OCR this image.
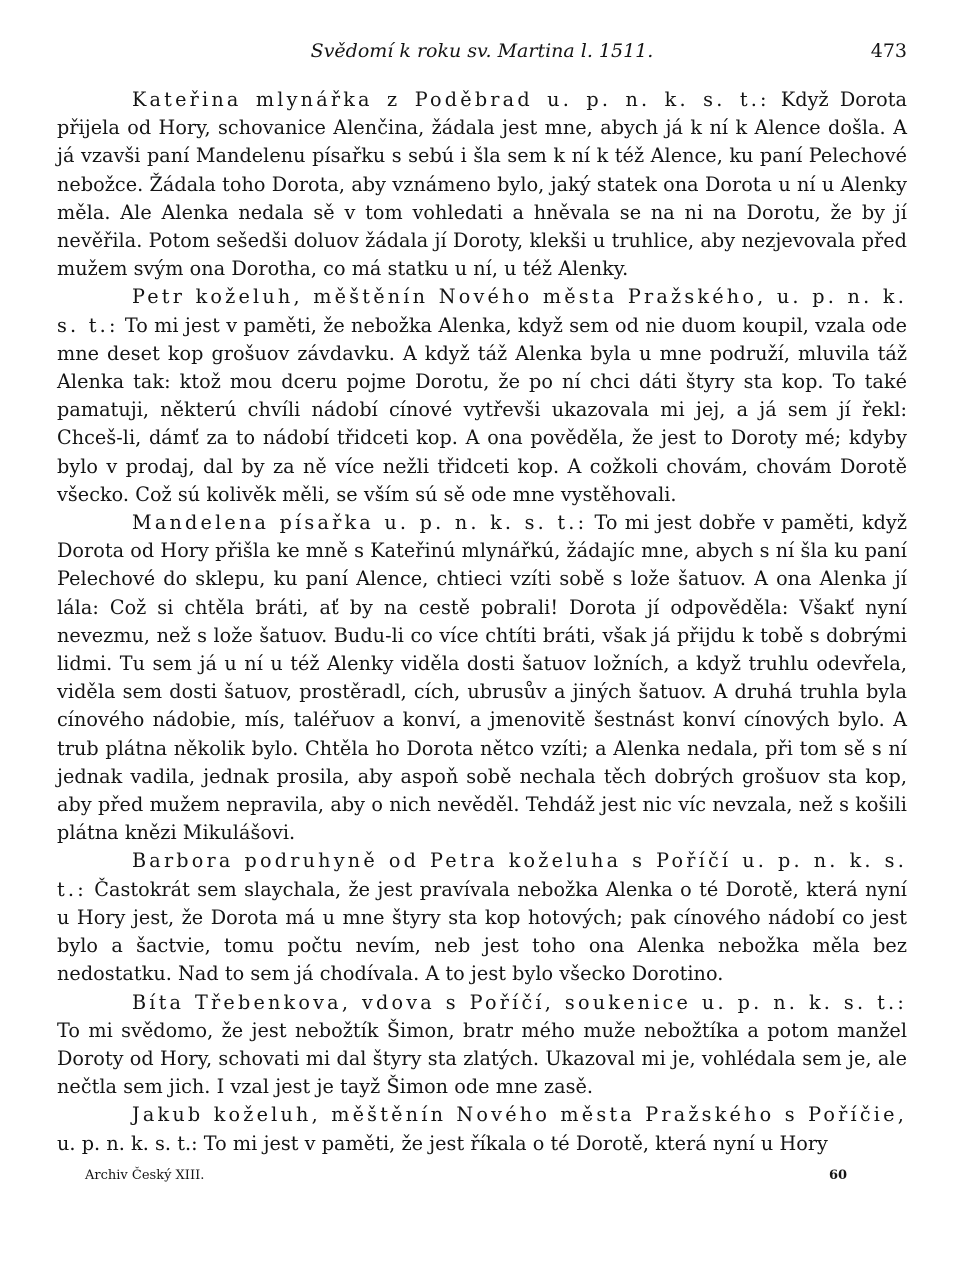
Svědomí k roku sv. Martina l. 1511.	473

Kateřina mlynářka z Poděbrad u. p. n. k. s. t.: Když Dorota přijela od Hory, schovanice Alenčina, žádala jest mne, abych já k ní k Alence došla. A já vzavši paní Mandelenu písařku s sebú i šla sem k ní k též Alence, ku paní Pelechové nebožce. Žádala toho Dorota, aby vznámeno bylo, jaký statek ona Dorota u ní u Alenky měla. Ale Alenka nedala sě v tom vohledati a hněvala se na ni na Dorotu, že by jí nevěřila. Potom sešedši doluov žádala jí Doroty, klekši u truhlice, aby nezjevovala před mužem svým ona Dorotha, co má statku u ní, u též Alenky.

Petr koželuh, měštěnín Nového města Pražského, u. p. n. k. s. t.: To mi jest v paměti, že nebožka Alenka, když sem od nie duom koupil, vzala ode mne deset kop grošuov závdavku. A když táž Alenka byla u mne podruží, mluvila táž Alenka tak: ktož mou dceru pojme Dorotu, že po ní chci dáti štyry sta kop. To také pamatuji, některú chvíli nádobí cínové vytřevši ukazovala mi jej, a já sem jí řekl: Chceš-li, dámť za to nádobí třidceti kop. A ona pověděla, že jest to Doroty mé; kdyby bylo v prodaj, dal by za ně více nežli třidceti kop. A cožkoli chovám, chovám Dorotě všecko. Což sú kolivěk měli, se vším sú sě ode mne vystěhovali.

Mandelena písařka u. p. n. k. s. t.: To mi jest dobře v paměti, když Dorota od Hory přišla ke mně s Kateřinú mlynářkú, žádajíc mne, abych s ní šla ku paní Pelechové do sklepu, ku paní Alence, chtieci vzíti sobě s lože šatuov. A ona Alenka jí lála: Což si chtěla bráti, ať by na cestě pobrali! Dorota jí odpověděla: Všakť nyní nevezmu, než s lože šatuov. Budu-li co více chtíti bráti, však já přijdu k tobě s dobrými lidmi. Tu sem já u ní u též Alenky viděla dosti šatuov ložních, a když truhlu odevřela, viděla sem dosti šatuov, prostěradl, cích, ubrusův a jiných šatuov. A druhá truhla byla cínového nádobie, mís, taléřuov a konví, a jmenovitě šestnást konví cínových bylo. A trub plátna několik bylo. Chtěla ho Dorota nětco vzíti; a Alenka nedala, při tom sě s ní jednak vadila, jednak prosila, aby aspoň sobě nechala těch dobrých grošuov sta kop, aby před mužem nepravila, aby o nich nevěděl. Tehdáž jest nic víc nevzala, než s košili plátna knězi Mikulášovi.

Barbora podruhyně od Petra koželuha s Poříčí u. p. n. k. s. t.: Častokrát sem slaychala, že jest pravívala nebožka Alenka o té Dorotě, která nyní u Hory jest, že Dorota má u mne štyry sta kop hotových; pak cínového nádobí co jest bylo a šactvie, tomu počtu nevím, neb jest toho ona Alenka nebožka měla bez nedostatku. Nad to sem já chodívala. A to jest bylo všecko Dorotino.

Bíta Třebenkova, vdova s Poříčí, soukenice u. p. n. k. s. t.: To mi svědomo, že jest nebožtík Šimon, bratr mého muže nebožtíka a potom manžel Doroty od Hory, schovati mi dal štyry sta zlatých. Ukazoval mi je, vohlédala sem je, ale nečtla sem jich. I vzal jest je tayž Šimon ode mne zasě.

Jakub koželuh, měštěnín Nového města Pražského s Poříčie, u. p. n. k. s. t.: To mi jest v paměti, že jest říkala o té Dorotě, která nyní u Hory

Archiv Český XIII.	60
